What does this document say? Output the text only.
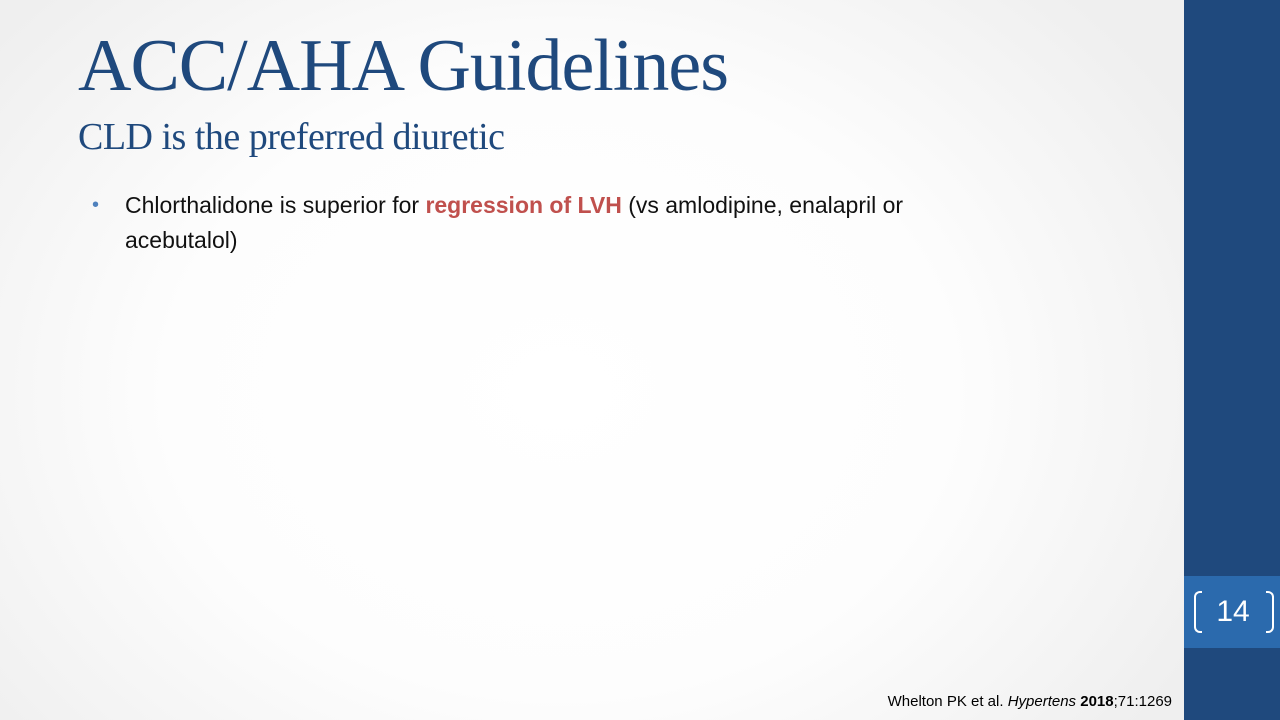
ACC/AHA Guidelines
CLD is the preferred diuretic
• Chlorthalidone is superior for regression of LVH (vs amlodipine, enalapril or acebutalol)
Whelton PK et al. Hypertens 2018;71:1269
14
